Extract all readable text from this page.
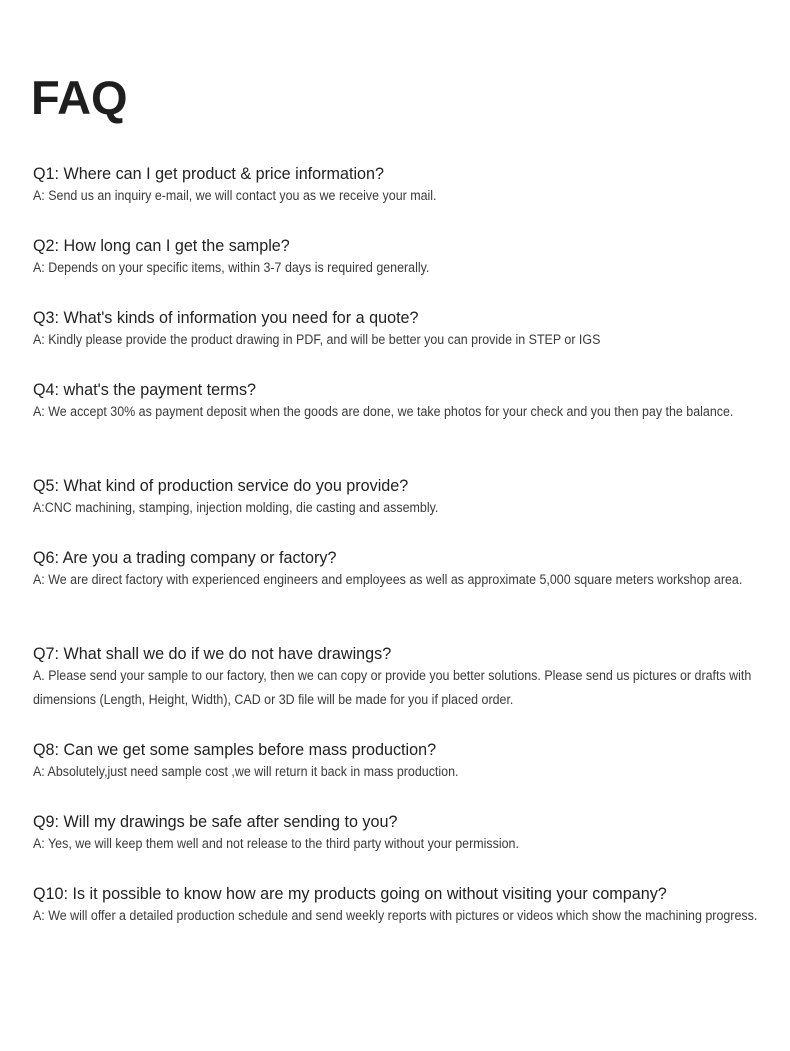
FAQ

Q1: Where can I get product & price information?

A: Send us an inquiry e-mail, we will contact you as we receive your mail.

Q2: How long can I get the sample?

A: Depends on your specific items, within 3-7 days is required generally.

Q3: What's kinds of information you need for a quote?

A: Kindly please provide the product drawing in PDF, and will be better you can provide in STEP or IGS

Q4: what's the payment terms?

A: We accept 30% as payment deposit when the goods are done, we take photos for your check and you then pay the balance.

Q5: What kind of production service do you provide?

A:CNC machining, stamping, injection molding, die casting and assembly.

Q6: Are you a trading company or factory?

A: We are direct factory with experienced engineers and employees as well as approximate 5,000 square meters workshop area.

Q7: What shall we do if we do not have drawings?

A. Please send your sample to our factory, then we can copy or provide you better solutions. Please send us pictures or drafts with dimensions (Length, Height, Width), CAD or 3D file will be made for you if placed order.

Q8: Can we get some samples before mass production?

A: Absolutely,just need sample cost ,we will return it back in mass production.

Q9: Will my drawings be safe after sending to you?

A: Yes, we will keep them well and not release to the third party without your permission.

Q10: Is it possible to know how are my products going on without visiting your company?

A: We will offer a detailed production schedule and send weekly reports with pictures or videos which show the machining progress.
